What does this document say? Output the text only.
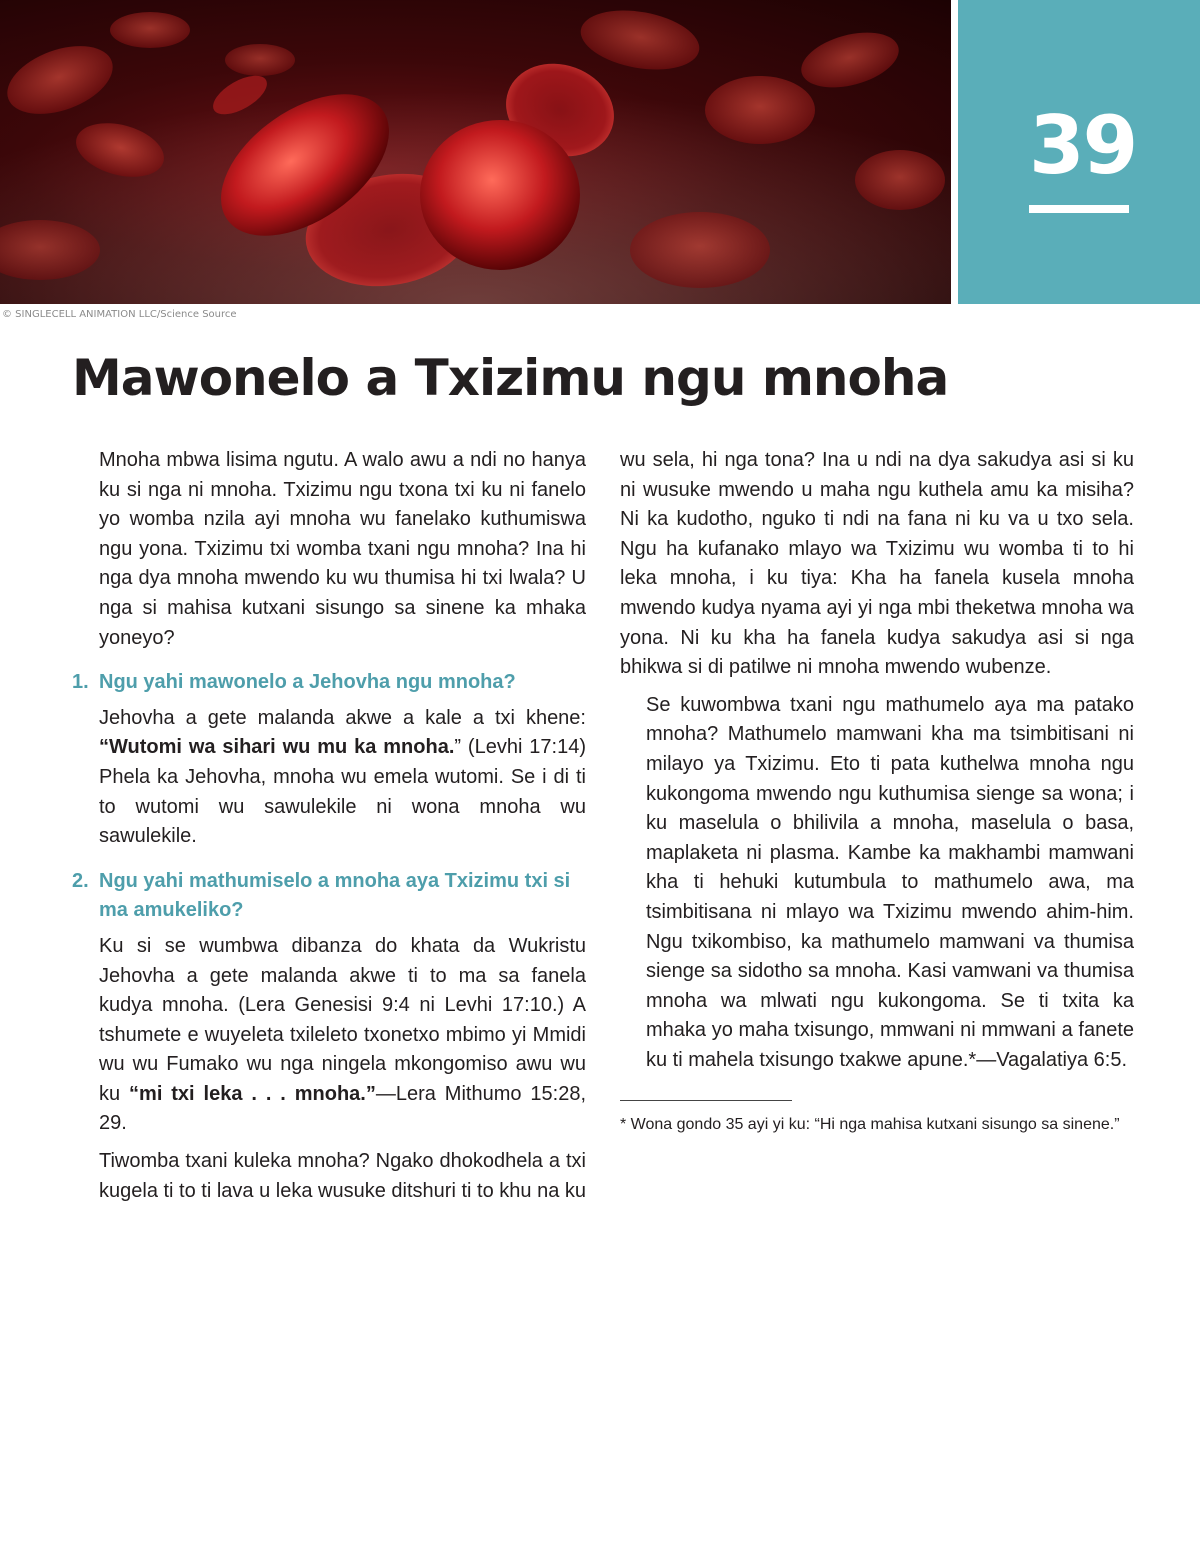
39
© SINGLECELL ANIMATION LLC/Science Source
Mawonelo a Txizimu ngu mnoha

Mnoha mbwa lisima ngutu. A walo awu a ndi no hanya ku si nga ni mnoha. Txizimu ngu txona txi ku ni fanelo yo womba nzila ayi mnoha wu fanelako kuthumiswa ngu yona. Txizimu txi womba txani ngu mnoha? Ina hi nga dya mnoha mwendo ku wu thumisa hi txi lwala? U nga si mahisa kutxani sisungo sa sinene ka mhaka yoneyo?

1. Ngu yahi mawonelo a Jehovha ngu mnoha?

Jehovha a gete malanda akwe a kale a txi khene: “Wutomi wa sihari wu mu ka mnoha.” (Levhi 17:14) Phela ka Jehovha, mnoha wu emela wutomi. Se i di ti to wutomi wu sawulekile ni wona mnoha wu sawulekile.

2. Ngu yahi mathumiselo a mnoha aya Txizimu txi si ma amukeliko?

Ku si se wumbwa dibanza do khata da Wukristu Jehovha a gete malanda akwe ti to ma sa fanela kudya mnoha. (Lera Genesisi 9:4 ni Levhi 17:10.) A tshumete e wuyeleta txileleto txonetxo mbimo yi Mmidi wu wu Fumako wu nga ningela mkongomiso awu wu ku “mi txi leka . . . mnoha.”—Lera Mithumo 15:28, 29.

Tiwomba txani kuleka mnoha? Ngako dhokodhela a txi kugela ti to ti lava u leka wusuke ditshuri ti to khu na ku

wu sela, hi nga tona? Ina u ndi na dya sakudya asi si ku ni wusuke mwendo u maha ngu kuthela amu ka misiha? Ni ka kudotho, nguko ti ndi na fana ni ku va u txo sela. Ngu ha kufanako mlayo wa Txizimu wu womba ti to hi leka mnoha, i ku tiya: Kha ha fanela kusela mnoha mwendo kudya nyama ayi yi nga mbi theketwa mnoha wa yona. Ni ku kha ha fanela kudya sakudya asi si nga bhikwa si di patilwe ni mnoha mwendo wubenze.

Se kuwombwa txani ngu mathumelo aya ma patako mnoha? Mathumelo mamwani kha ma tsimbitisani ni milayo ya Txizimu. Eto ti pata kuthelwa mnoha ngu kukongoma mwendo ngu kuthumisa sienge sa wona; i ku maselula o bhilivila a mnoha, maselula o basa, maplaketa ni plasma. Kambe ka makhambi mamwani kha ti hehuki kutumbula to mathumelo awa, ma tsimbitisana ni mlayo wa Txizimu mwendo ahim-him. Ngu txikombiso, ka mathumelo mamwani va thumisa sienge sa sidotho sa mnoha. Kasi vamwani va thumisa mnoha wa mlwati ngu kukongoma. Se ti txita ka mhaka yo maha txisungo, mmwani ni mmwani a fanete ku ti mahela txisungo txakwe apune.*—Vagalatiya 6:5.

* Wona gondo 35 ayi yi ku: “Hi nga mahisa kutxani sisungo sa sinene.”
